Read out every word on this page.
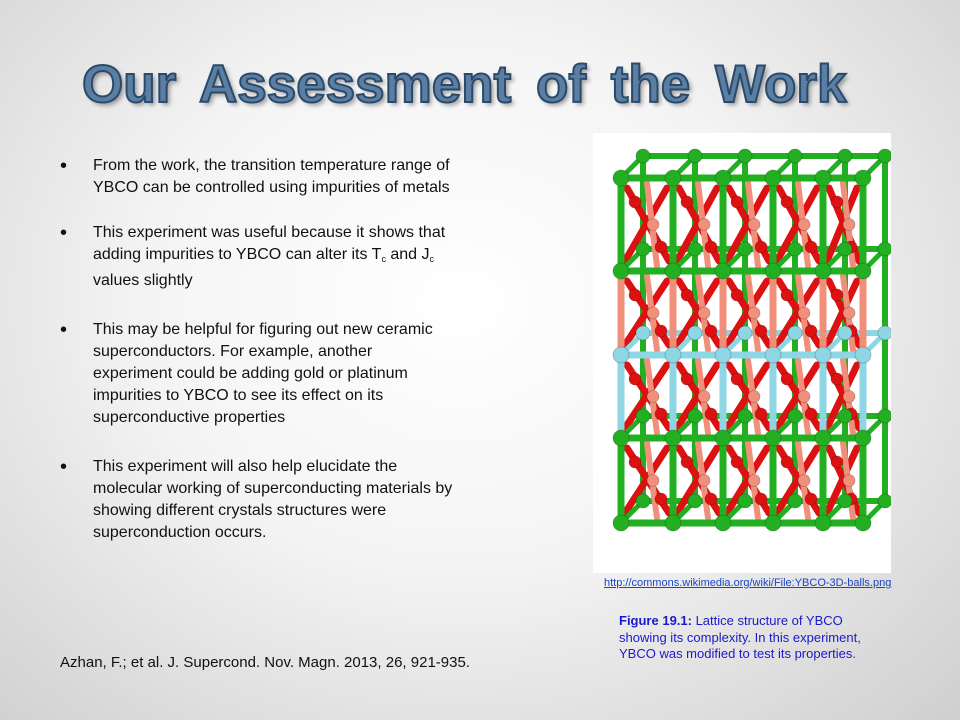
Our Assessment of the Work
• From the work, the transition temperature range of YBCO can be controlled using impurities of metals
• This experiment was useful because it shows that adding impurities to YBCO can alter its $T_c$ and $J_c$ values slightly
• This may be helpful for figuring out new ceramic superconductors. For example, another experiment could be adding gold or platinum impurities to YBCO to see its effect on its superconductive properties
• This experiment will also help elucidate the molecular working of superconducting materials by showing different crystals structures were superconduction occurs.
Azhan, F.; et al. J. Supercond. Nov. Magn. 2013, 26, 921-935.
http://commons.wikimedia.org/wiki/File:YBCO-3D-balls.png
Figure 19.1: Lattice structure of YBCO showing its complexity. In this experiment, YBCO was modified to test its properties.
